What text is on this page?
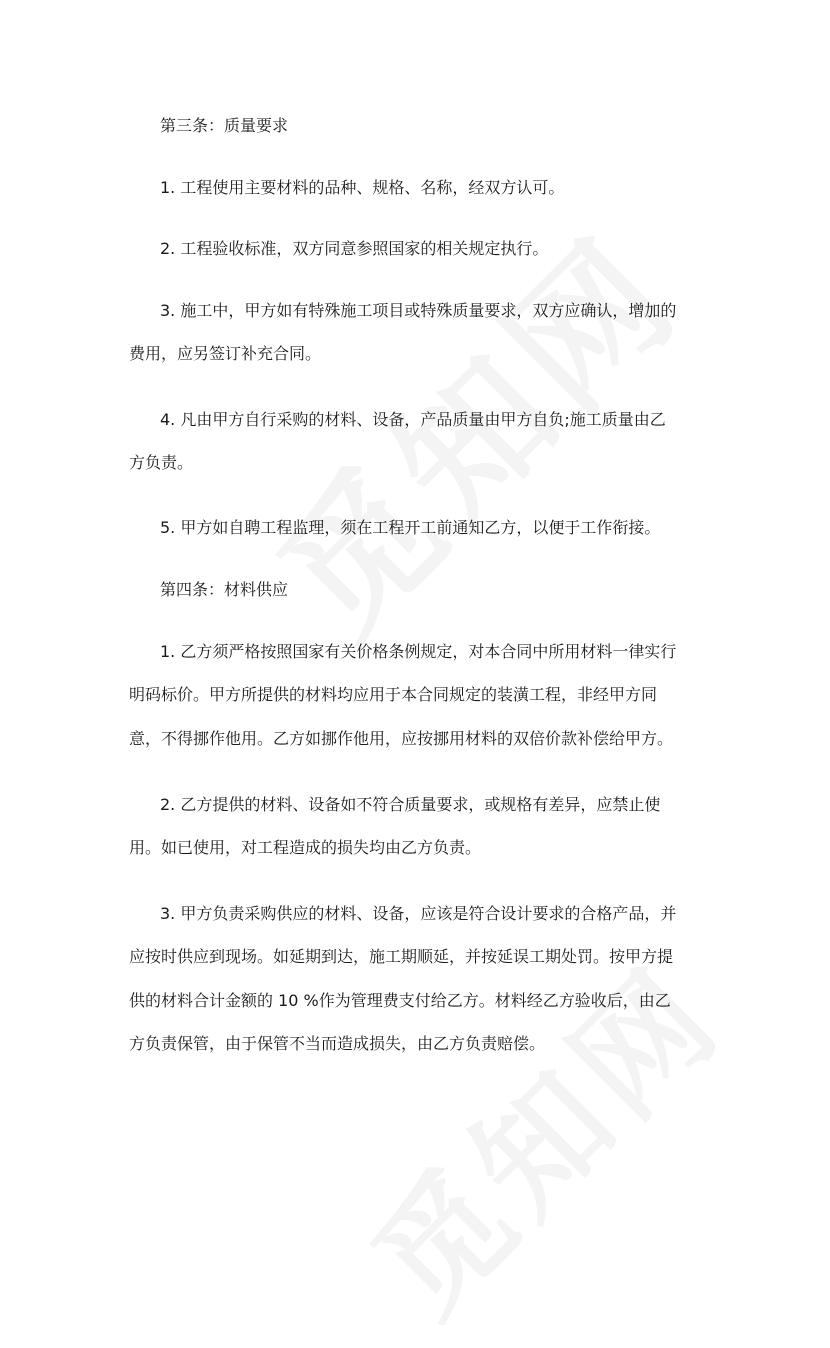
第三条：质量要求
1. 工程使用主要材料的品种、规格、名称，经双方认可。
2. 工程验收标准，双方同意参照国家的相关规定执行。
3. 施工中，甲方如有特殊施工项目或特殊质量要求，双方应确认，增加的
费用，应另签订补充合同。
4. 凡由甲方自行采购的材料、设备，产品质量由甲方自负;施工质量由乙
方负责。
5. 甲方如自聘工程监理，须在工程开工前通知乙方，以便于工作衔接。
第四条：材料供应
1. 乙方须严格按照国家有关价格条例规定，对本合同中所用材料一律实行
明码标价。甲方所提供的材料均应用于本合同规定的装潢工程，非经甲方同
意，不得挪作他用。乙方如挪作他用，应按挪用材料的双倍价款补偿给甲方。
2. 乙方提供的材料、设备如不符合质量要求，或规格有差异，应禁止使
用。如已使用，对工程造成的损失均由乙方负责。
3. 甲方负责采购供应的材料、设备，应该是符合设计要求的合格产品，并
应按时供应到现场。如延期到达，施工期顺延，并按延误工期处罚。按甲方提
供的材料合计金额的 10 %作为管理费支付给乙方。材料经乙方验收后，由乙
方负责保管，由于保管不当而造成损失，由乙方负责赔偿。
